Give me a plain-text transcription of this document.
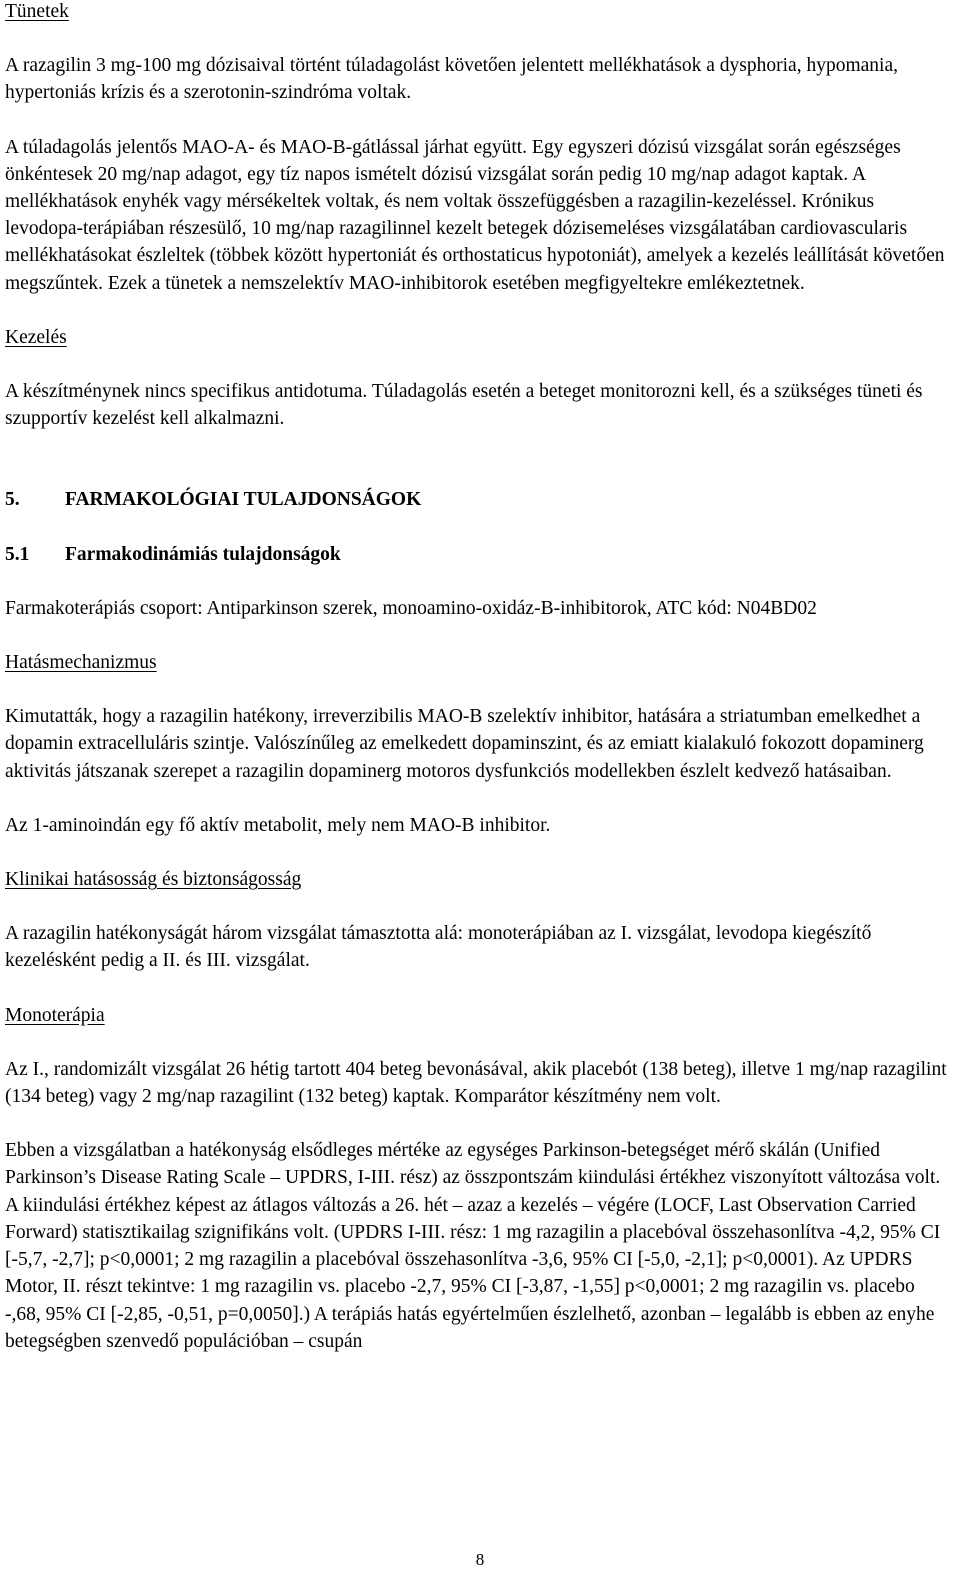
Tünetek

A razagilin 3 mg-100 mg dózisaival történt túladagolást követően jelentett mellékhatások a dysphoria, hypomania, hypertoniás krízis és a szerotonin-szindróma voltak.

A túladagolás jelentős MAO-A- és MAO-B-gátlással járhat együtt. Egy egyszeri dózisú vizsgálat során egészséges önkéntesek 20 mg/nap adagot, egy tíz napos ismételt dózisú vizsgálat során pedig 10 mg/nap adagot kaptak. A mellékhatások enyhék vagy mérsékeltek voltak, és nem voltak összefüggésben a razagilin-kezeléssel. Krónikus levodopa-terápiában részesülő, 10 mg/nap razagilinnel kezelt betegek dózisemeléses vizsgálatában cardiovascularis mellékhatásokat észleltek (többek között hypertoniát és orthostaticus hypotoniát), amelyek a kezelés leállítását követően megszűntek. Ezek a tünetek a nemszelektív MAO-inhibitorok esetében megfigyeltekre emlékeztetnek.

Kezelés

A készítménynek nincs specifikus antidotuma. Túladagolás esetén a beteget monitorozni kell, és a szükséges tüneti és szupportív kezelést kell alkalmazni.

5.	FARMAKOLÓGIAI TULAJDONSÁGOK

5.1	Farmakodinámiás tulajdonságok

Farmakoterápiás csoport: Antiparkinson szerek, monoamino-oxidáz-B-inhibitorok, ATC kód: N04BD02

Hatásmechanizmus

Kimutatták, hogy a razagilin hatékony, irreverzibilis MAO-B szelektív inhibitor, hatására a striatumban emelkedhet a dopamin extracelluláris szintje. Valószínűleg az emelkedett dopaminszint, és az emiatt kialakuló fokozott dopaminerg aktivitás játszanak szerepet a razagilin dopaminerg motoros dysfunkciós modellekben észlelt kedvező hatásaiban.

Az 1-aminoindán egy fő aktív metabolit, mely nem MAO-B inhibitor.

Klinikai hatásosság és biztonságosság

A razagilin hatékonyságát három vizsgálat támasztotta alá: monoterápiában az I. vizsgálat, levodopa kiegészítő kezelésként pedig a II. és III. vizsgálat.

Monoterápia

Az I., randomizált vizsgálat 26 hétig tartott 404 beteg bevonásával, akik placebót (138 beteg), illetve 1 mg/nap razagilint (134 beteg) vagy 2 mg/nap razagilint (132 beteg) kaptak. Komparátor készítmény nem volt.

Ebben a vizsgálatban a hatékonyság elsődleges mértéke az egységes Parkinson-betegséget mérő skálán (Unified Parkinson’s Disease Rating Scale – UPDRS, I-III. rész) az összpontszám kiindulási értékhez viszonyított változása volt. A kiindulási értékhez képest az átlagos változás a 26. hét – azaz a kezelés – végére (LOCF, Last Observation Carried Forward) statisztikailag szignifikáns volt. (UPDRS I-III. rész: 1 mg razagilin a placebóval összehasonlítva -4,2, 95% CI [-5,7, -2,7]; p<0,0001; 2 mg razagilin a placebóval összehasonlítva -3,6, 95% CI [-5,0, -2,1]; p<0,0001). Az UPDRS Motor, II. részt tekintve: 1 mg razagilin vs. placebo -2,7, 95% CI [-3,87, -1,55] p<0,0001; 2 mg razagilin vs. placebo -,68, 95% CI [-2,85, -0,51, p=0,0050].) A terápiás hatás egyértelműen észlelhető, azonban – legalább is ebben az enyhe betegségben szenvedő populációban – csupán

8
